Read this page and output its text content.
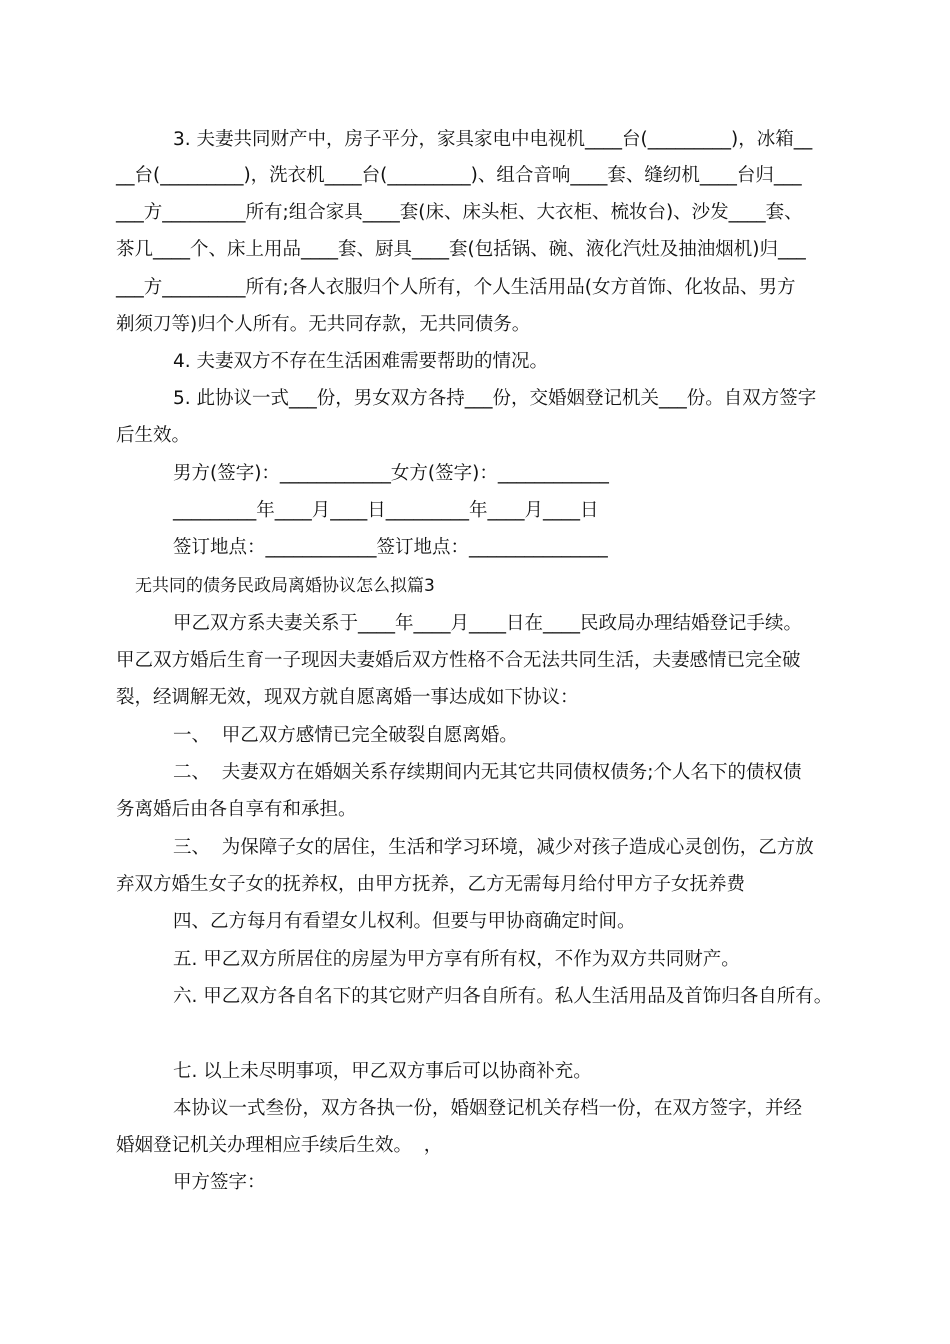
3. 夫妻共同财产中，房子平分，家具家电中电视机____台(_________)，冰箱__

__台(_________)，洗衣机____台(_________)、组合音响____套、缝纫机____台归___

___方_________所有;组合家具____套(床、床头柜、大衣柜、梳妆台)、沙发____套、

茶几____个、床上用品____套、厨具____套(包括锅、碗、液化汽灶及抽油烟机)归___

___方_________所有;各人衣服归个人所有，个人生活用品(女方首饰、化妆品、男方

剃须刀等)归个人所有。无共同存款，无共同债务。

4. 夫妻双方不存在生活困难需要帮助的情况。

5. 此协议一式___份，男女双方各持___份，交婚姻登记机关___份。自双方签字

后生效。

男方(签字)：____________女方(签字)：____________

_________年____月____日_________年____月____日

签订地点：____________签订地点：_______________

无共同的债务民政局离婚协议怎么拟篇3

甲乙双方系夫妻关系于____年____月____日在____民政局办理结婚登记手续。

甲乙双方婚后生育一子现因夫妻婚后双方性格不合无法共同生活，夫妻感情已完全破

裂，经调解无效，现双方就自愿离婚一事达成如下协议：

一、  甲乙双方感情已完全破裂自愿离婚。

二、  夫妻双方在婚姻关系存续期间内无其它共同债权债务;个人名下的债权债

务离婚后由各自享有和承担。

三、  为保障子女的居住，生活和学习环境，减少对孩子造成心灵创伤，乙方放

弃双方婚生女子女的抚养权，由甲方抚养，乙方无需每月给付甲方子女抚养费

四、乙方每月有看望女儿权利。但要与甲协商确定时间。

五. 甲乙双方所居住的房屋为甲方享有所有权，不作为双方共同财产。

六. 甲乙双方各自名下的其它财产归各自所有。私人生活用品及首饰归各自所有。

七. 以上未尽明事项，甲乙双方事后可以协商补充。

本协议一式叁份，双方各执一份，婚姻登记机关存档一份，在双方签字，并经

婚姻登记机关办理相应手续后生效。  ，

甲方签字：
